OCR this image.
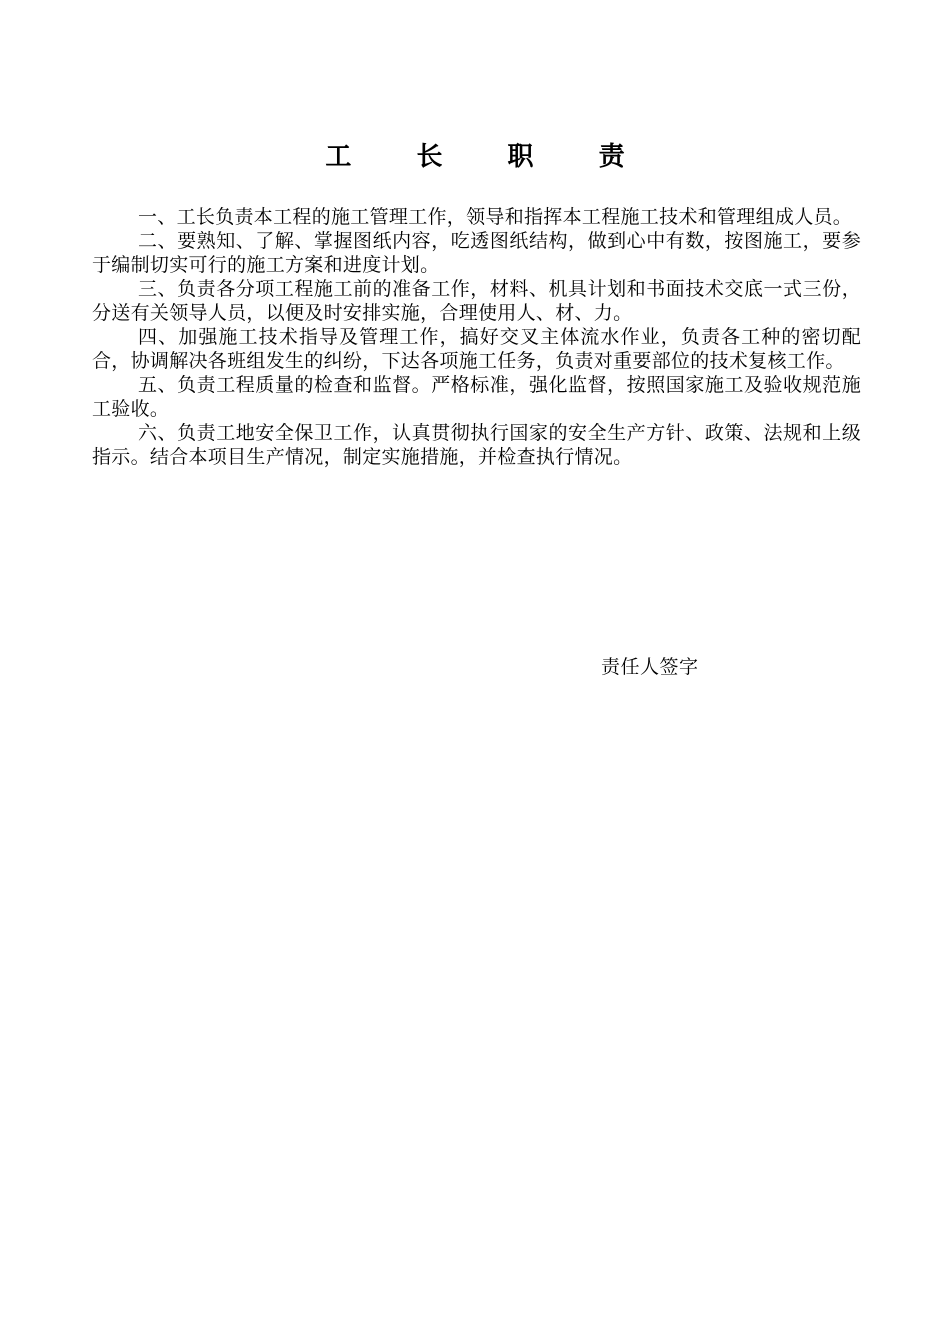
工 长 职 责

一、工长负责本工程的施工管理工作，领导和指挥本工程施工技术和管理组成人员。

二、要熟知、了解、掌握图纸内容，吃透图纸结构，做到心中有数，按图施工，要参于编制切实可行的施工方案和进度计划。

三、负责各分项工程施工前的准备工作，材料、机具计划和书面技术交底一式三份，分送有关领导人员，以便及时安排实施，合理使用人、材、力。

四、加强施工技术指导及管理工作，搞好交叉主体流水作业，负责各工种的密切配合，协调解决各班组发生的纠纷，下达各项施工任务，负责对重要部位的技术复核工作。

五、负责工程质量的检查和监督。严格标准，强化监督，按照国家施工及验收规范施工验收。

六、负责工地安全保卫工作，认真贯彻执行国家的安全生产方针、政策、法规和上级指示。结合本项目生产情况，制定实施措施，并检查执行情况。

责任人签字
